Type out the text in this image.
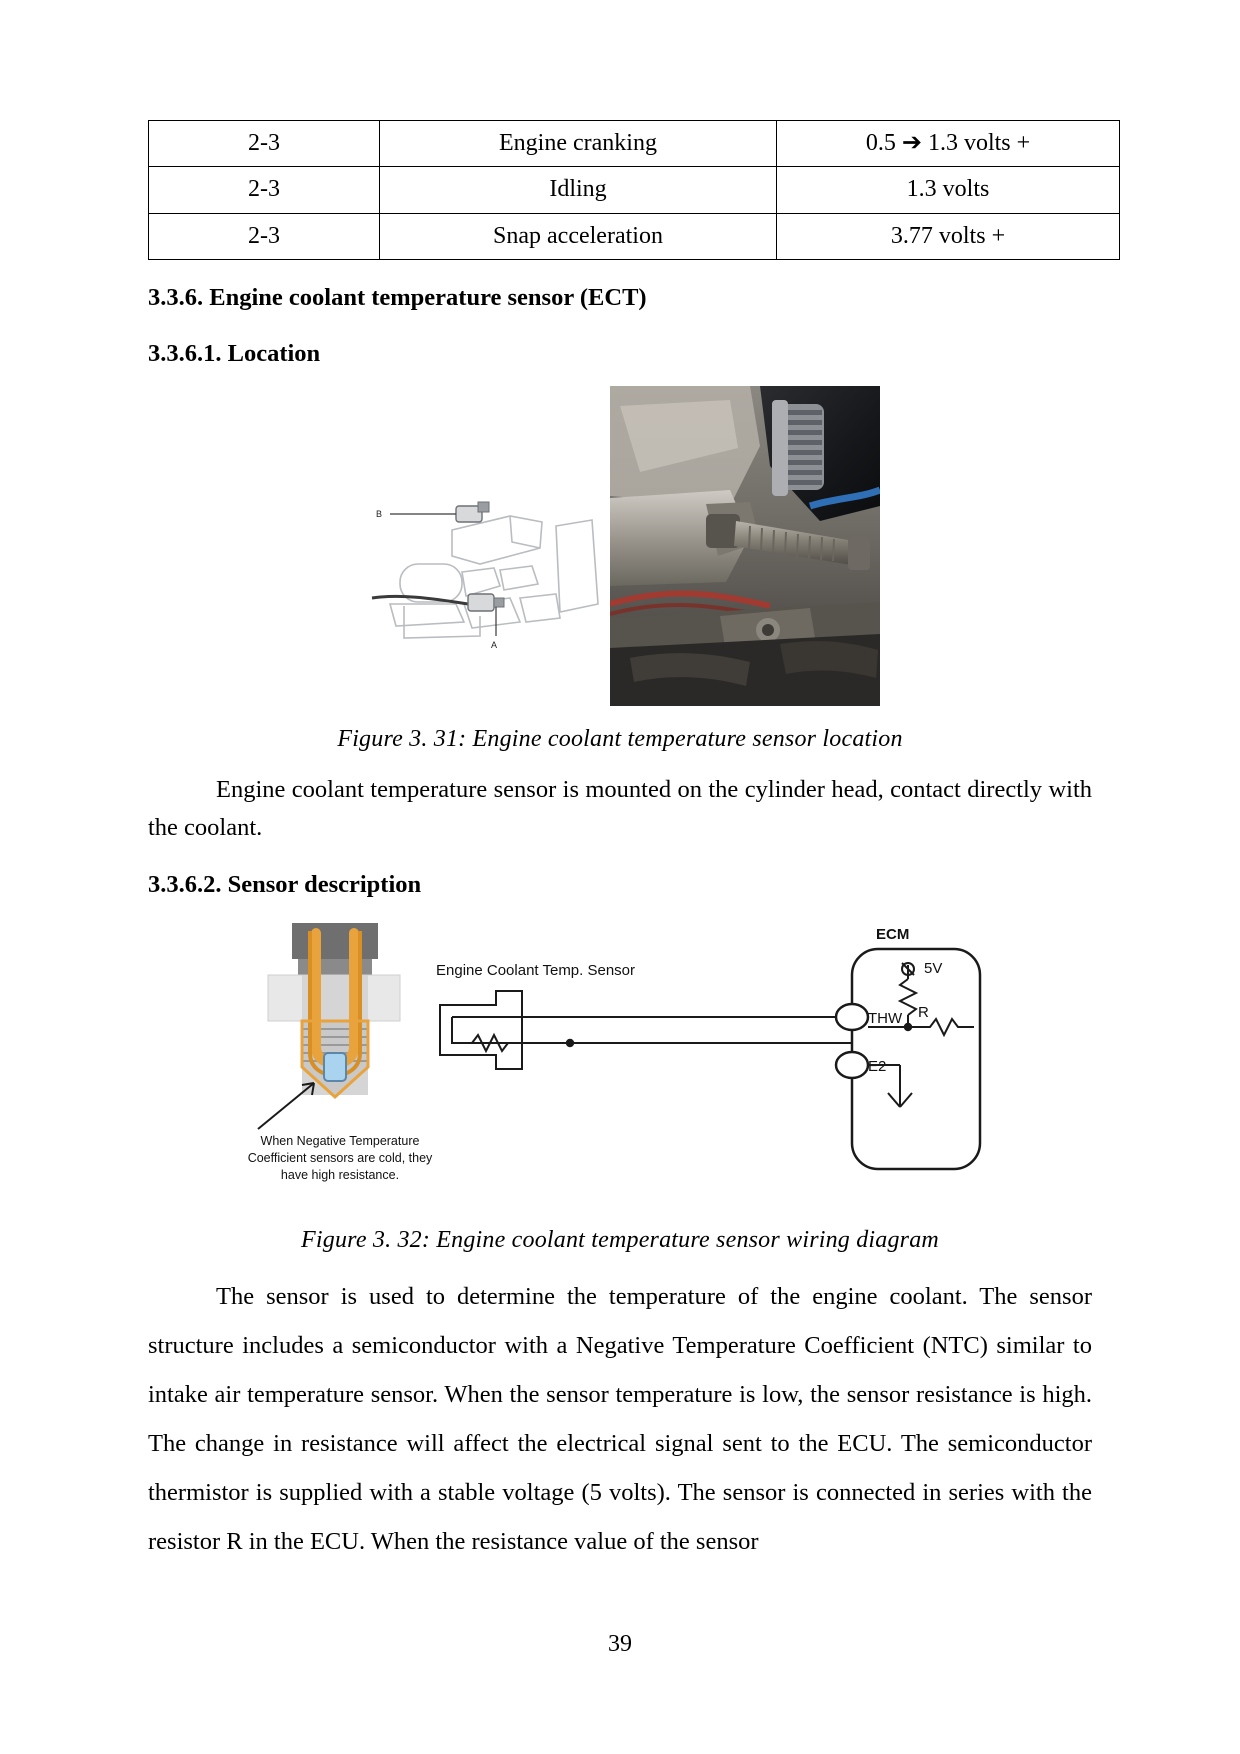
2-3	Engine cranking	0.5 ➔ 1.3 volts +
2-3	Idling	1.3 volts
2-3	Snap acceleration	3.77 volts +
3.3.6. Engine coolant temperature sensor (ECT)
3.3.6.1. Location
A
B
Figure 3. 31: Engine coolant temperature sensor location

Engine coolant temperature sensor is mounted on the cylinder head, contact directly with the coolant.

3.3.6.2. Sensor description
When Negative Temperature Coefficient sensors are cold, they have high resistance.
Engine Coolant Temp. Sensor
ECM
THW
E2
5V
R
Figure 3. 32: Engine coolant temperature sensor wiring diagram

The sensor is used to determine the temperature of the engine coolant. The sensor structure includes a semiconductor with a Negative Temperature Coefficient (NTC) similar to intake air temperature sensor. When the sensor temperature is low, the sensor resistance is high. The change in resistance will affect the electrical signal sent to the ECU. The semiconductor thermistor is supplied with a stable voltage (5 volts). The sensor is connected in series with the resistor R in the ECU. When the resistance value of the sensor

39
